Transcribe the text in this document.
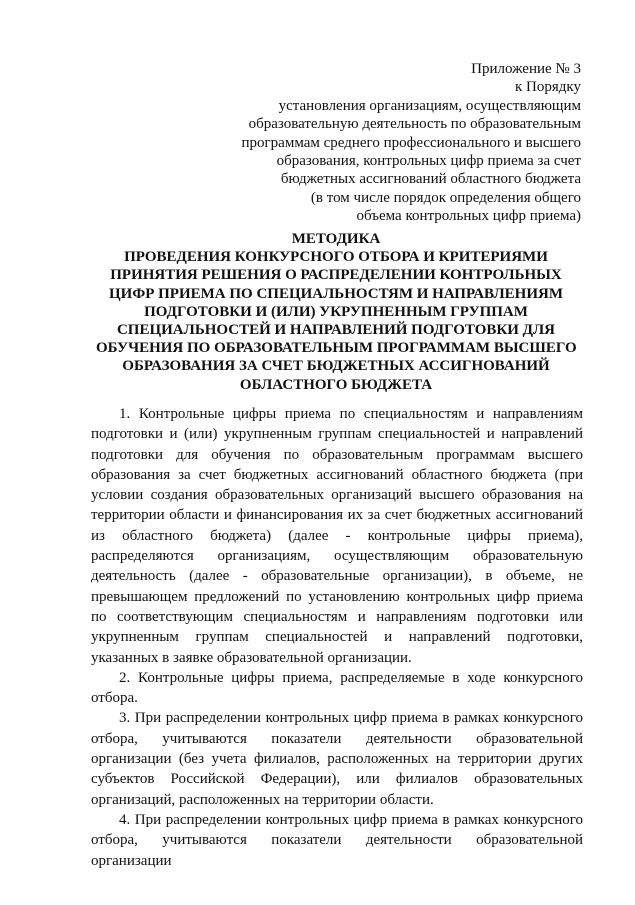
Приложение № 3
к Порядку
установления организациям, осуществляющим
образовательную деятельность по образовательным
программам среднего профессионального и высшего
образования, контрольных цифр приема за счет
бюджетных ассигнований областного бюджета
(в том числе порядок определения общего
объема контрольных цифр приема)
МЕТОДИКА
ПРОВЕДЕНИЯ КОНКУРСНОГО ОТБОРА И КРИТЕРИЯМИ
ПРИНЯТИЯ РЕШЕНИЯ О РАСПРЕДЕЛЕНИИ КОНТРОЛЬНЫХ
ЦИФР ПРИЕМА ПО СПЕЦИАЛЬНОСТЯМ И НАПРАВЛЕНИЯМ
ПОДГОТОВКИ И (ИЛИ) УКРУПНЕННЫМ ГРУППАМ
СПЕЦИАЛЬНОСТЕЙ И НАПРАВЛЕНИЙ ПОДГОТОВКИ ДЛЯ
ОБУЧЕНИЯ ПО ОБРАЗОВАТЕЛЬНЫМ ПРОГРАММАМ ВЫСШЕГО
ОБРАЗОВАНИЯ ЗА СЧЕТ БЮДЖЕТНЫХ АССИГНОВАНИЙ
ОБЛАСТНОГО БЮДЖЕТА

1. Контрольные цифры приема по специальностям и направлениям подготовки и (или) укрупненным группам специальностей и направлений подготовки для обучения по образовательным программам высшего образования за счет бюджетных ассигнований областного бюджета (при условии создания образовательных организаций высшего образования на территории области и финансирования их за счет бюджетных ассигнований из областного бюджета) (далее - контрольные цифры приема), распределяются организациям, осуществляющим образовательную деятельность (далее - образовательные организации), в объеме, не превышающем предложений по установлению контрольных цифр приема по соответствующим специальностям и направлениям подготовки или укрупненным группам специальностей и направлений подготовки, указанных в заявке образовательной организации.

2. Контрольные цифры приема, распределяемые в ходе конкурсного отбора.

3. При распределении контрольных цифр приема в рамках конкурсного отбора, учитываются показатели деятельности образовательной организации (без учета филиалов, расположенных на территории других субъектов Российской Федерации), или филиалов образовательных организаций, расположенных на территории области.

4. При распределении контрольных цифр приема в рамках конкурсного отбора, учитываются показатели деятельности образовательной организации
